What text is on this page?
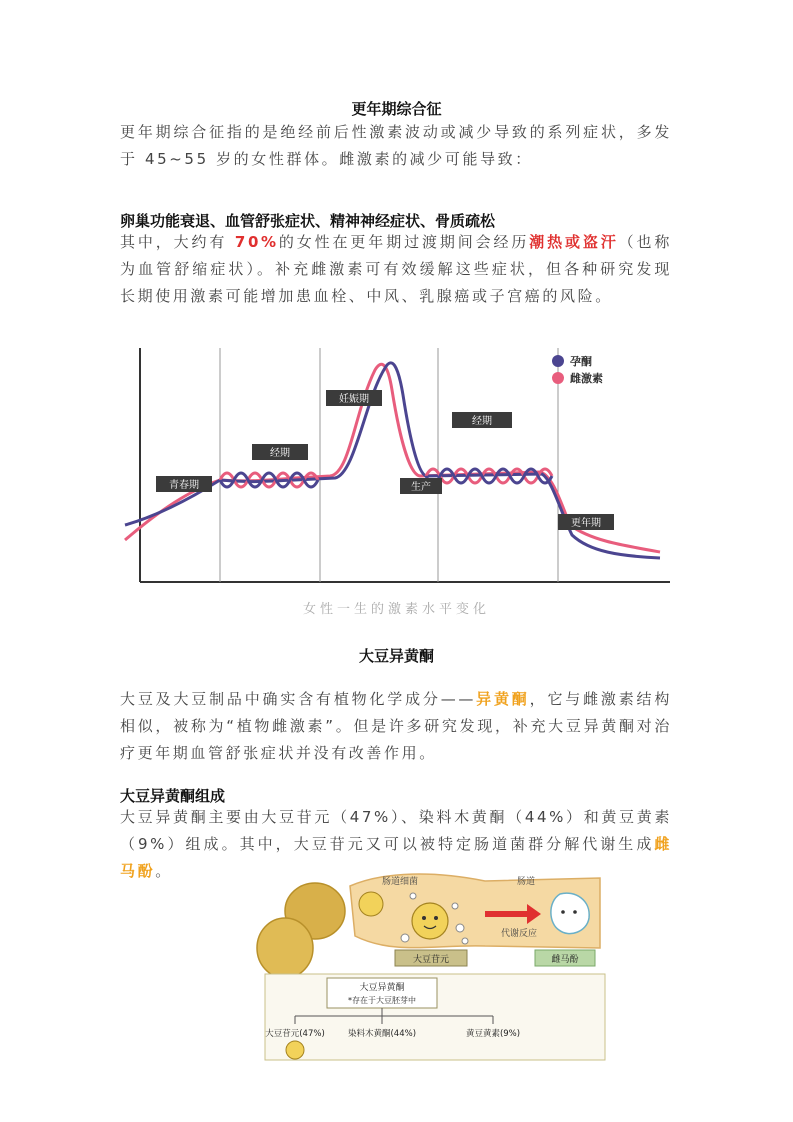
更年期综合征
更年期综合征指的是绝经前后性激素波动或减少导致的系列症状，多发于 45~55 岁的女性群体。雌激素的减少可能导致：
卵巢功能衰退、血管舒张症状、精神神经症状、骨质疏松
其中，大约有 70%的女性在更年期过渡期间会经历潮热或盗汗（也称为血管舒缩症状）。补充雌激素可有效缓解这些症状，但各种研究发现长期使用激素可能增加患血栓、中风、乳腺癌或子宫癌的风险。
青春期
经期
妊娠期
生产
经期
更年期
孕酮
雌激素
女性一生的激素水平变化
大豆异黄酮
大豆及大豆制品中确实含有植物化学成分——异黄酮，它与雌激素结构相似，被称为“植物雌激素”。但是许多研究发现，补充大豆异黄酮对治疗更年期血管舒张症状并没有改善作用。
大豆异黄酮组成
大豆异黄酮主要由大豆苷元（47%）、染料木黄酮（44%）和黄豆黄素（9%）组成。其中，大豆苷元又可以被特定肠道菌群分解代谢生成雌马酚。
肠道细菌	肠道
代谢反应
大豆苷元	雌马酚
大豆异黄酮
*存在于大豆胚芽中
大豆苷元(47%)	染料木黄酮(44%)	黄豆黄素(9%)
